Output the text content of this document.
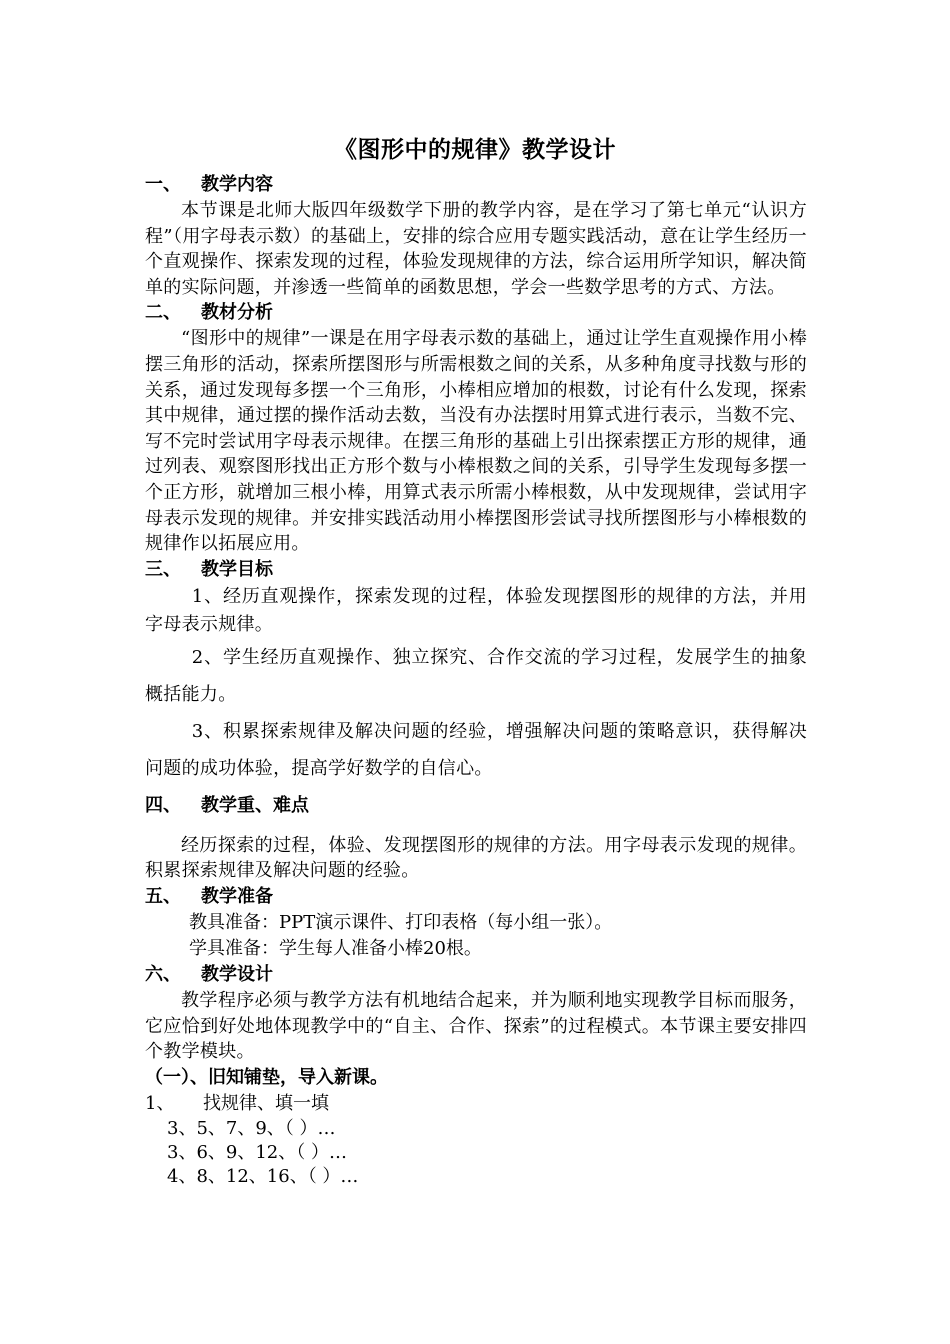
《图形中的规律》教学设计
一、 教学内容

本节课是北师大版四年级数学下册的教学内容，是在学习了第七单元“认识方程”（用字母表示数）的基础上，安排的综合应用专题实践活动，意在让学生经历一个直观操作、探索发现的过程，体验发现规律的方法，综合运用所学知识，解决简单的实际问题，并渗透一些简单的函数思想，学会一些数学思考的方式、方法。

二、 教材分析

“图形中的规律”一课是在用字母表示数的基础上，通过让学生直观操作用小棒摆三角形的活动，探索所摆图形与所需根数之间的关系，从多种角度寻找数与形的关系，通过发现每多摆一个三角形，小棒相应增加的根数，讨论有什么发现，探索其中规律，通过摆的操作活动去数，当没有办法摆时用算式进行表示，当数不完、写不完时尝试用字母表示规律。在摆三角形的基础上引出探索摆正方形的规律，通过列表、观察图形找出正方形个数与小棒根数之间的关系，引导学生发现每多摆一个正方形，就增加三根小棒，用算式表示所需小棒根数，从中发现规律，尝试用字母表示发现的规律。并安排实践活动用小棒摆图形尝试寻找所摆图形与小棒根数的规律作以拓展应用。

三、 教学目标

1、经历直观操作，探索发现的过程，体验发现摆图形的规律的方法，并用字母表示规律。

2、学生经历直观操作、独立探究、合作交流的学习过程，发展学生的抽象概括能力。

3、积累探索规律及解决问题的经验，增强解决问题的策略意识，获得解决问题的成功体验，提高学好数学的自信心。

四、 教学重、难点

经历探索的过程，体验、发现摆图形的规律的方法。用字母表示发现的规律。积累探索规律及解决问题的经验。

五、 教学准备

教具准备：PPT演示课件、打印表格（每小组一张）。

学具准备：学生每人准备小棒20根。

六、 教学设计

教学程序必须与教学方法有机地结合起来，并为顺利地实现教学目标而服务，它应恰到好处地体现教学中的“自主、合作、探索”的过程模式。本节课主要安排四个教学模块。

（一）、旧知铺垫，导入新课。
1、 找规律、填一填

3、5、7、9、（ ）…

3、6、9、12、（ ）…

4、8、12、16、（ ）…
